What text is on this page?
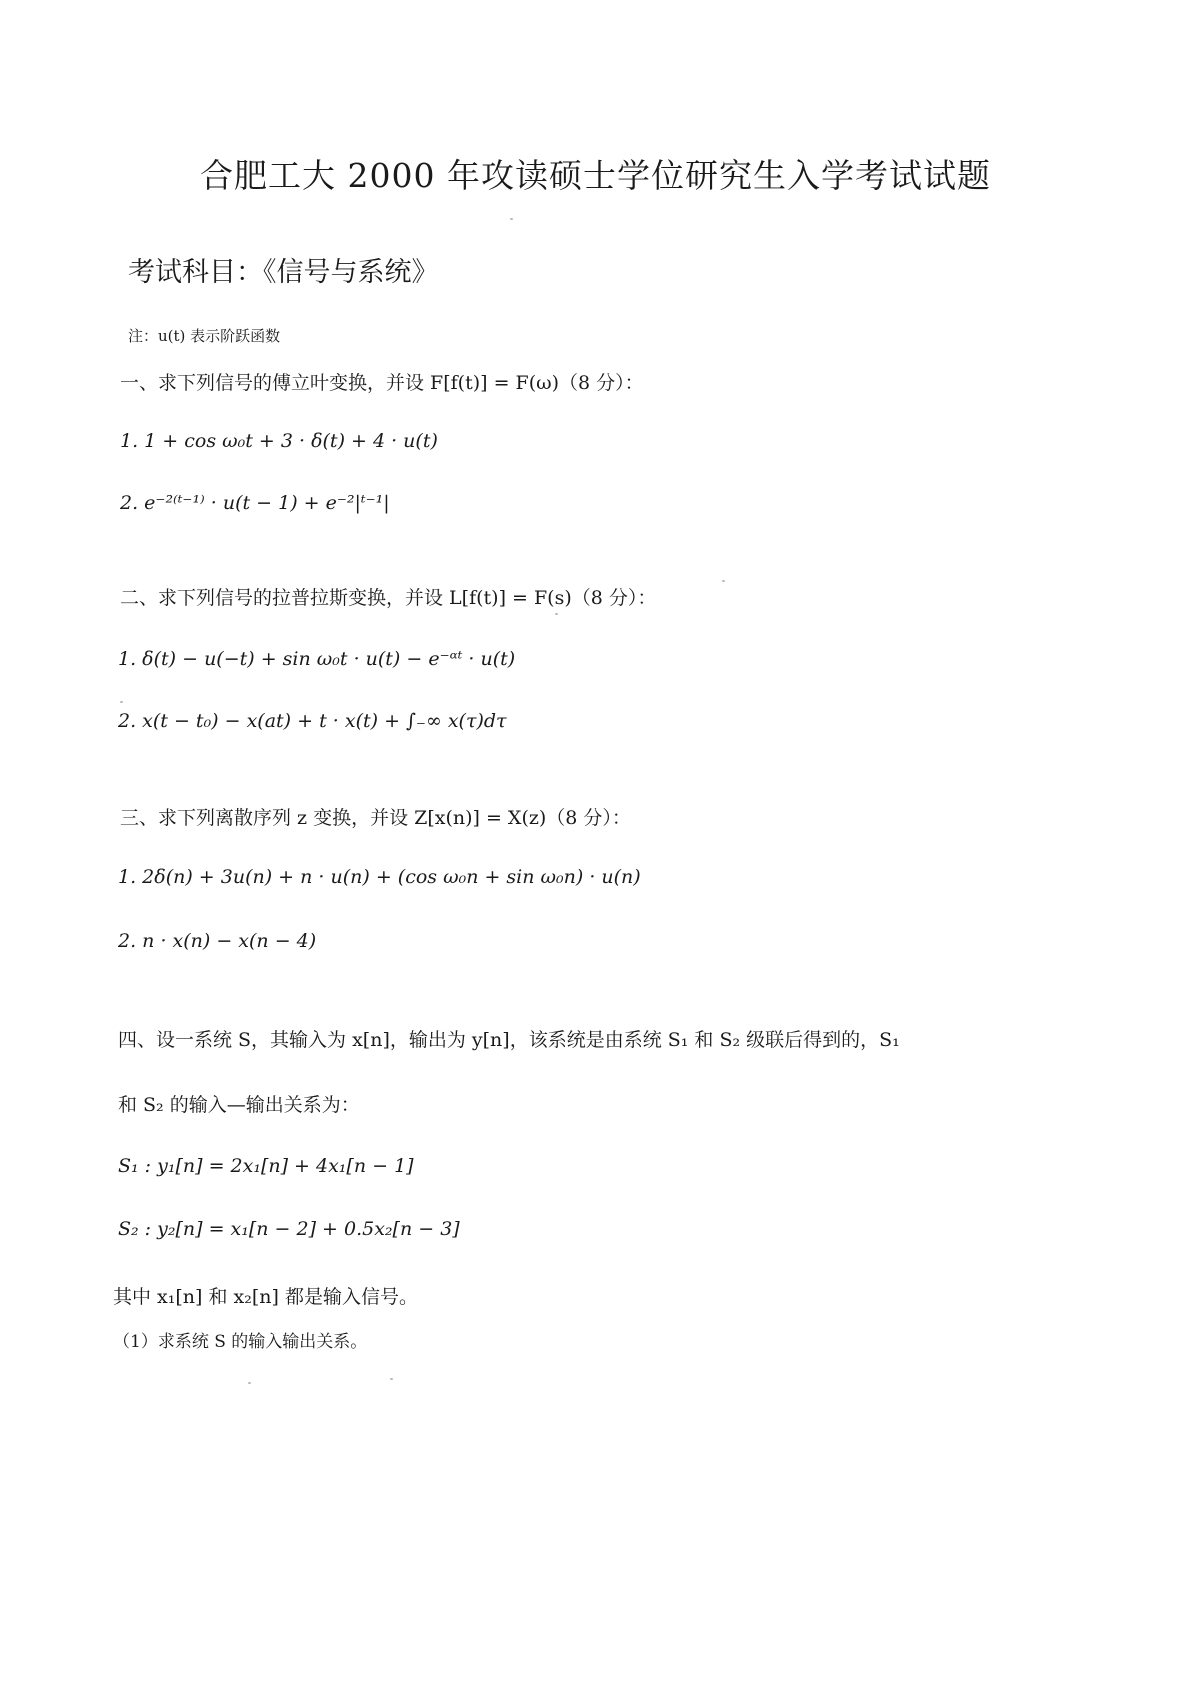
合肥工大 2000 年攻读硕士学位研究生入学考试试题
考试科目：《信号与系统》
注：u(t) 表示阶跃函数
一、求下列信号的傅立叶变换，并设 F[f(t)] = F(ω)（8 分）：
1. 1 + cos ω₀t + 3 · δ(t) + 4 · u(t)
2. e⁻²⁽ᵗ⁻¹⁾ · u(t − 1) + e⁻²|ᵗ⁻¹|
二、求下列信号的拉普拉斯变换，并设 L[f(t)] = F(s)（8 分）：
1. δ(t) − u(−t) + sin ω₀t · u(t) − e⁻ᵅᵗ · u(t)
2. x(t − t₀) − x(at) + t · x(t) + ∫₋∞ x(τ)dτ
三、求下列离散序列 z 变换，并设 Z[x(n)] = X(z)（8 分）：
1. 2δ(n) + 3u(n) + n · u(n) + (cos ω₀n + sin ω₀n) · u(n)
2. n · x(n) − x(n − 4)
四、设一系统 S，其输入为 x[n]，输出为 y[n]，该系统是由系统 S₁ 和 S₂ 级联后得到的，S₁
和 S₂ 的输入—输出关系为：
S₁ : y₁[n] = 2x₁[n] + 4x₁[n − 1]
S₂ : y₂[n] = x₁[n − 2] + 0.5x₂[n − 3]
其中 x₁[n] 和 x₂[n] 都是输入信号。
（1）求系统 S 的输入输出关系。
